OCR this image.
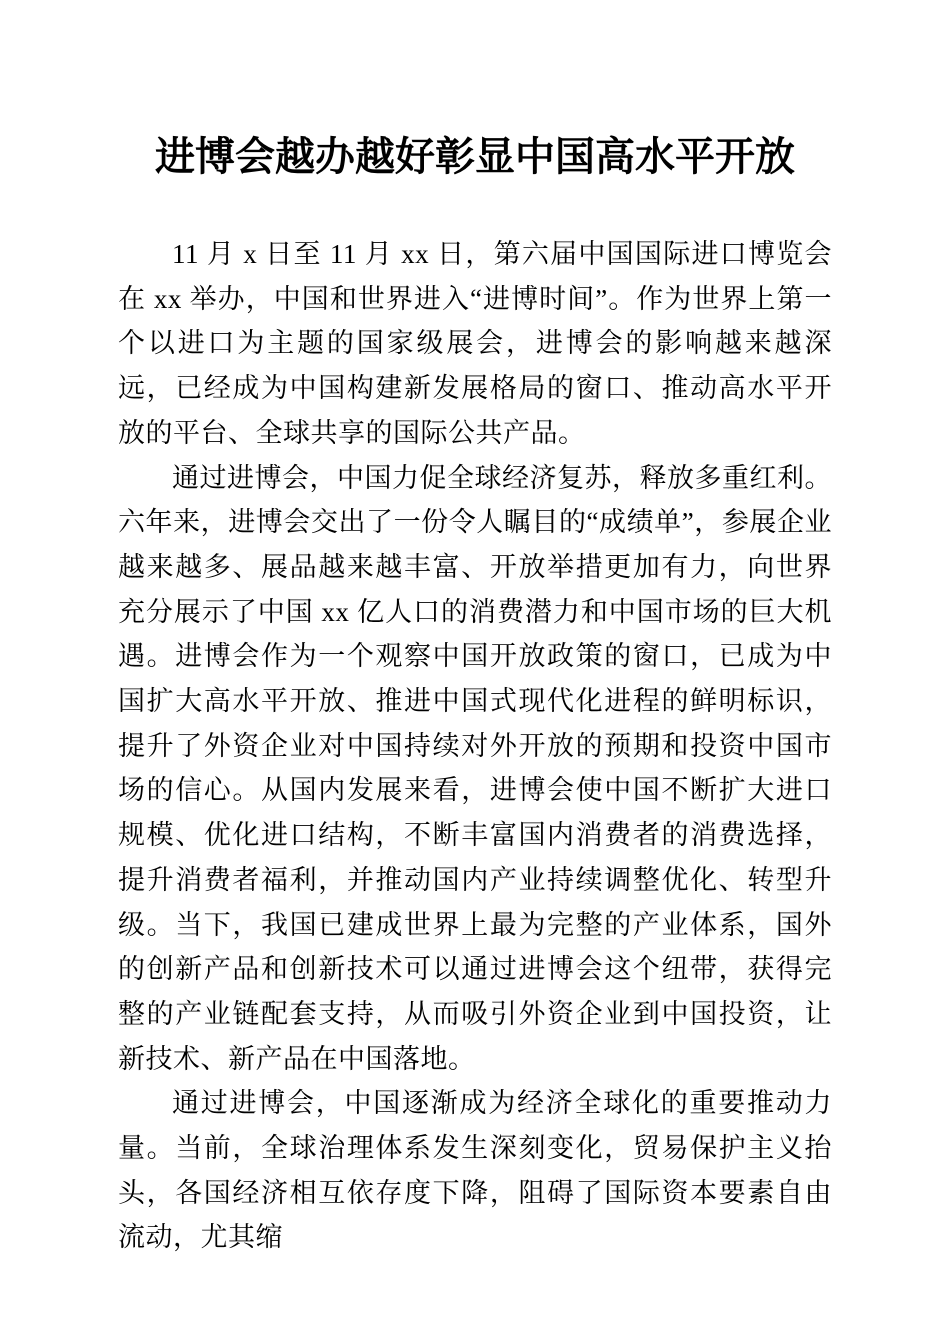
进博会越办越好彰显中国高水平开放

11 月 x 日至 11 月 xx 日，第六届中国国际进口博览会在 xx 举办，中国和世界进入“进博时间”。作为世界上第一个以进口为主题的国家级展会，进博会的影响越来越深远，已经成为中国构建新发展格局的窗口、推动高水平开放的平台、全球共享的国际公共产品。

通过进博会，中国力促全球经济复苏，释放多重红利。六年来，进博会交出了一份令人瞩目的“成绩单”，参展企业越来越多、展品越来越丰富、开放举措更加有力，向世界充分展示了中国 xx 亿人口的消费潜力和中国市场的巨大机遇。进博会作为一个观察中国开放政策的窗口，已成为中国扩大高水平开放、推进中国式现代化进程的鲜明标识，提升了外资企业对中国持续对外开放的预期和投资中国市场的信心。从国内发展来看，进博会使中国不断扩大进口规模、优化进口结构，不断丰富国内消费者的消费选择，提升消费者福利，并推动国内产业持续调整优化、转型升级。当下，我国已建成世界上最为完整的产业体系，国外的创新产品和创新技术可以通过进博会这个纽带，获得完整的产业链配套支持，从而吸引外资企业到中国投资，让新技术、新产品在中国落地。

通过进博会，中国逐渐成为经济全球化的重要推动力量。当前，全球治理体系发生深刻变化，贸易保护主义抬头，各国经济相互依存度下降，阻碍了国际资本要素自由流动，尤其缩
